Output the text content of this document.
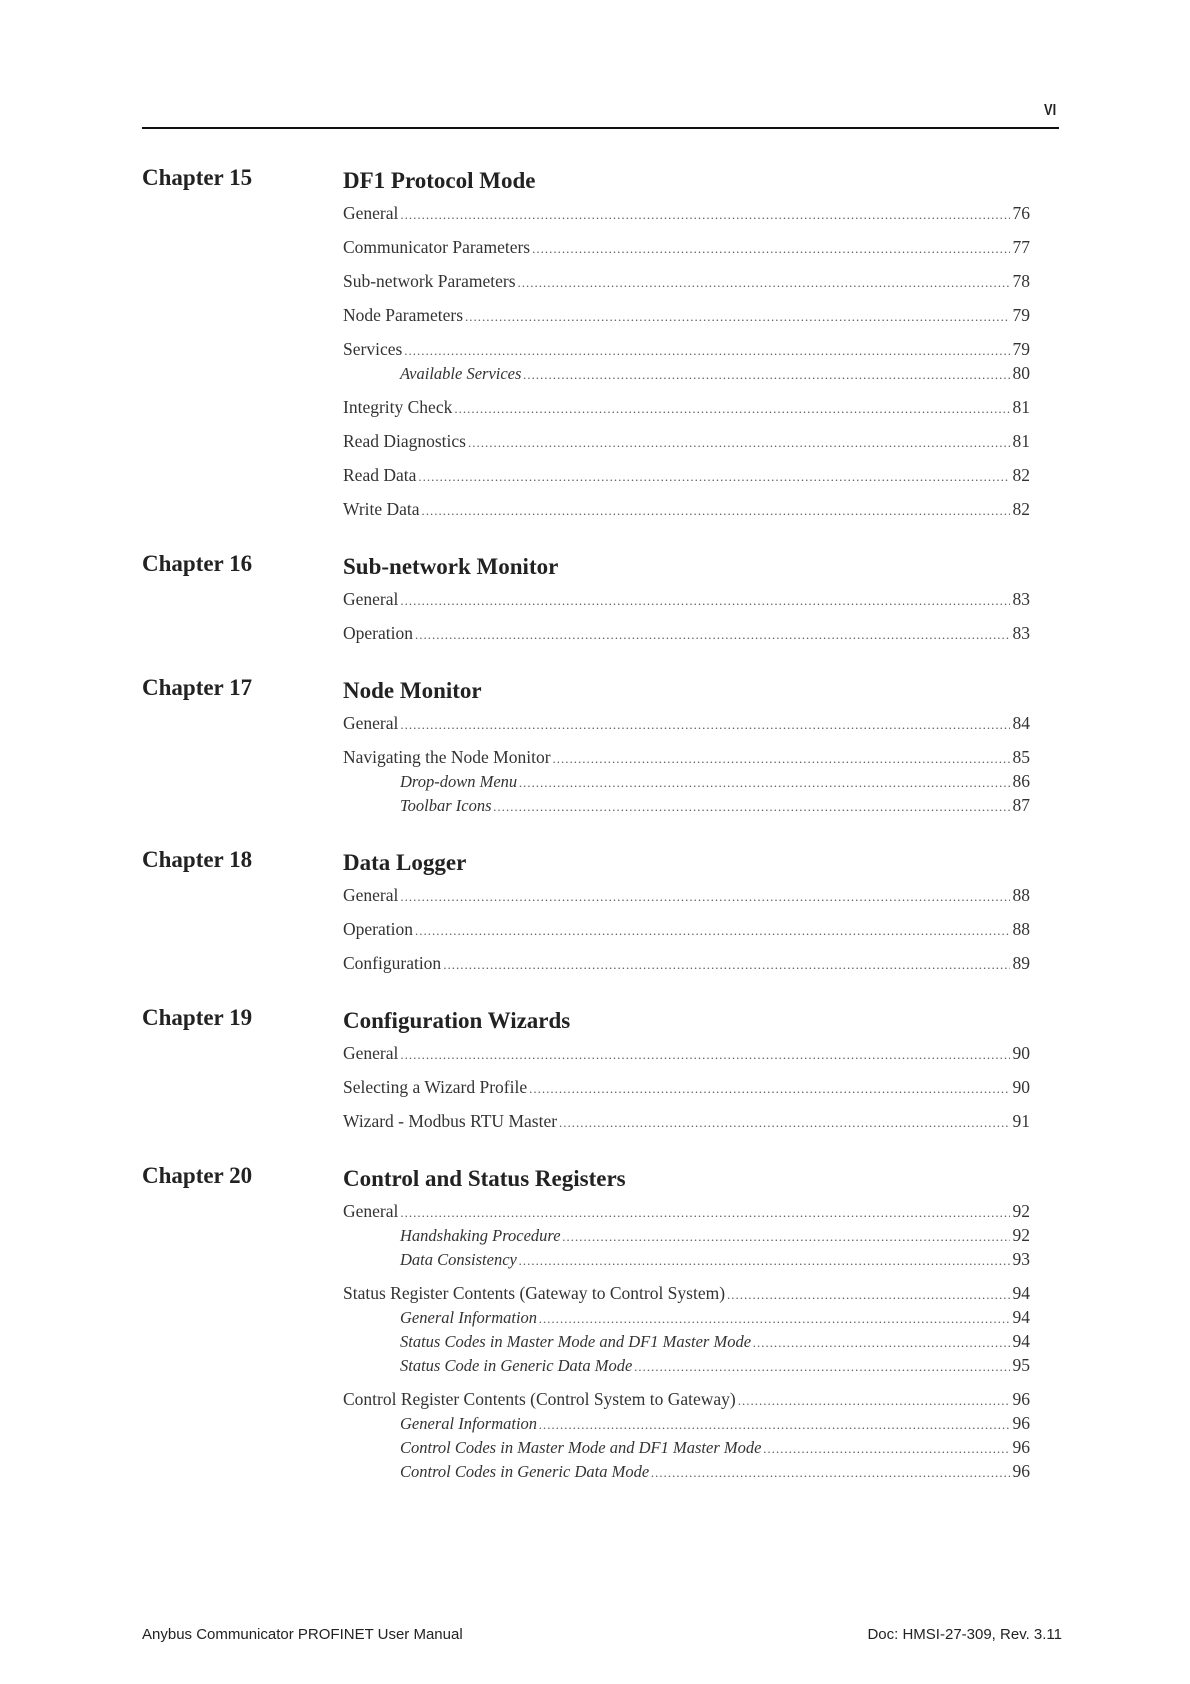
VI
Chapter 15	DF1 Protocol Mode
General .....	76
Communicator Parameters .....	77
Sub-network Parameters .....	78
Node Parameters .....	79
Services .....	79
Available Services .....	80
Integrity Check .....	81
Read Diagnostics .....	81
Read Data .....	82
Write Data .....	82
Chapter 16	Sub-network Monitor
General .....	83
Operation .....	83
Chapter 17	Node Monitor
General .....	84
Navigating the Node Monitor .....	85
Drop-down Menu .....	86
Toolbar Icons .....	87
Chapter 18	Data Logger
General .....	88
Operation .....	88
Configuration .....	89
Chapter 19	Configuration Wizards
General .....	90
Selecting a Wizard Profile .....	90
Wizard - Modbus RTU Master .....	91
Chapter 20	Control and Status Registers
General .....	92
Handshaking Procedure .....	92
Data Consistency .....	93
Status Register Contents (Gateway to Control System) .....	94
General Information .....	94
Status Codes in Master Mode and DF1 Master Mode .....	94
Status Code in Generic Data Mode .....	95
Control Register Contents (Control System to Gateway) .....	96
General Information .....	96
Control Codes in Master Mode and DF1 Master Mode .....	96
Control Codes in Generic Data Mode .....	96
Anybus Communicator PROFINET User Manual	Doc: HMSI-27-309, Rev. 3.11
